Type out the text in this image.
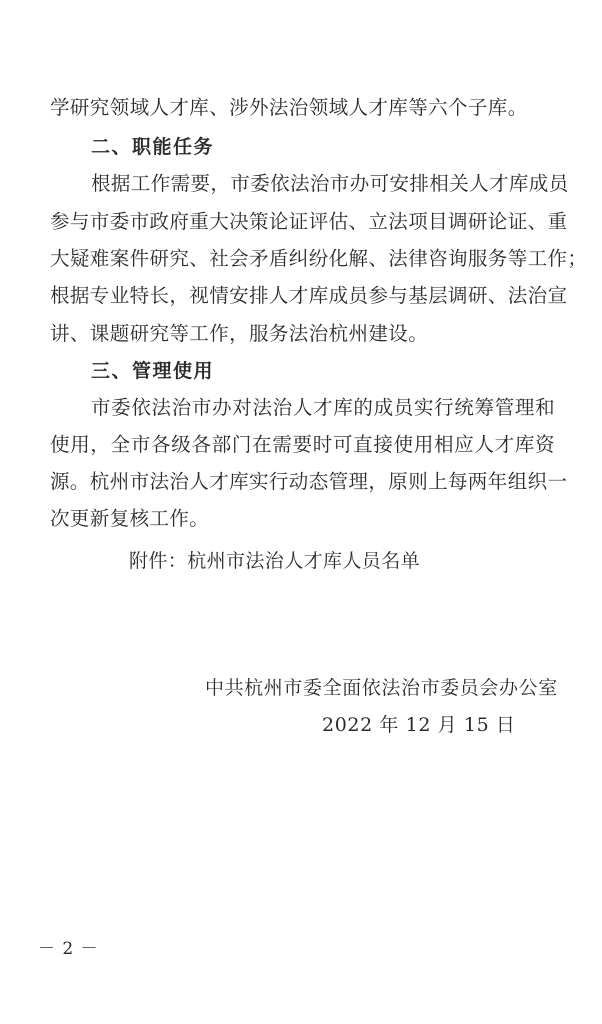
学研究领域人才库、涉外法治领域人才库等六个子库。
二、职能任务
根据工作需要，市委依法治市办可安排相关人才库成员
参与市委市政府重大决策论证评估、立法项目调研论证、重
大疑难案件研究、社会矛盾纠纷化解、法律咨询服务等工作；
根据专业特长，视情安排人才库成员参与基层调研、法治宣
讲、课题研究等工作，服务法治杭州建设。
三、管理使用
市委依法治市办对法治人才库的成员实行统筹管理和
使用，全市各级各部门在需要时可直接使用相应人才库资
源。杭州市法治人才库实行动态管理，原则上每两年组织一
次更新复核工作。
附件：杭州市法治人才库人员名单
中共杭州市委全面依法治市委员会办公室
2022 年 12 月 15 日
－ 2 －
